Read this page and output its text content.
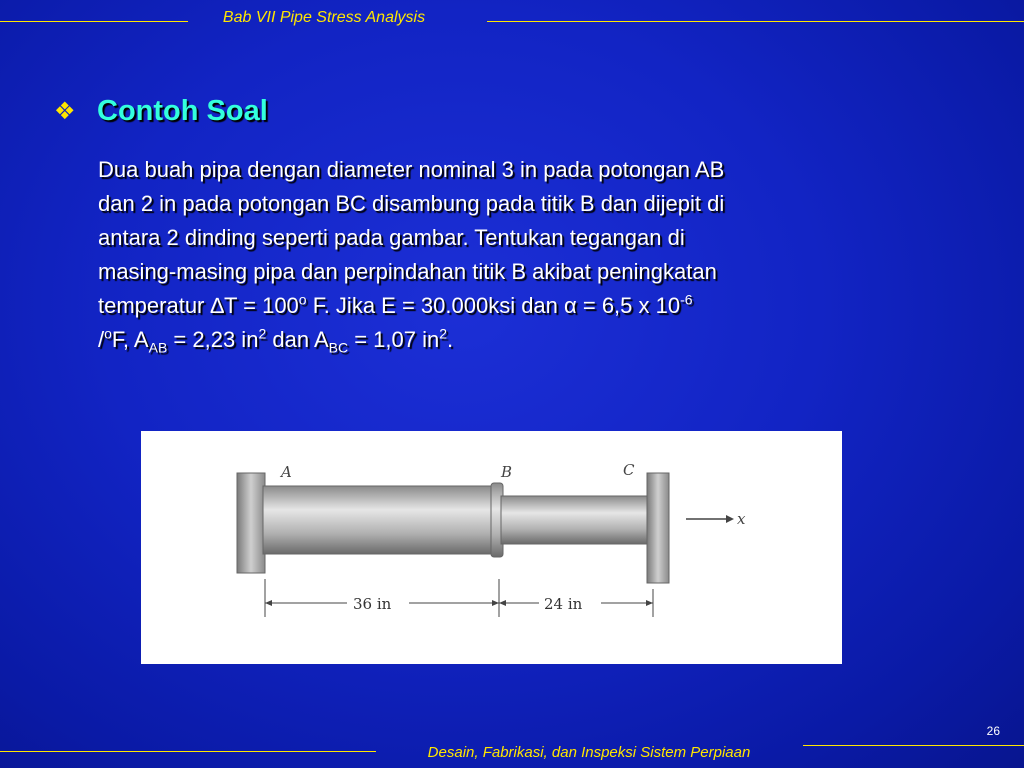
Bab VII Pipe Stress Analysis
❖ Contoh Soal
Dua buah pipa dengan diameter nominal 3 in pada potongan AB
dan 2 in pada potongan BC disambung pada titik B dan dijepit di
antara 2 dinding seperti pada gambar. Tentukan tegangan di
masing-masing pipa dan perpindahan titik B akibat peningkatan
temperatur $\Delta T = 100^o$ F. Jika E = 30.000ksi dan α = 6,5 x $10^{-6}$
/$^o$F, $A_{AB} = 2,23$ $in^2$ dan $A_{BC} = 1,07$ $in^2$.
A	B	C
x
36 in	24 in
26
Desain, Fabrikasi, dan Inspeksi Sistem Perpiaan
